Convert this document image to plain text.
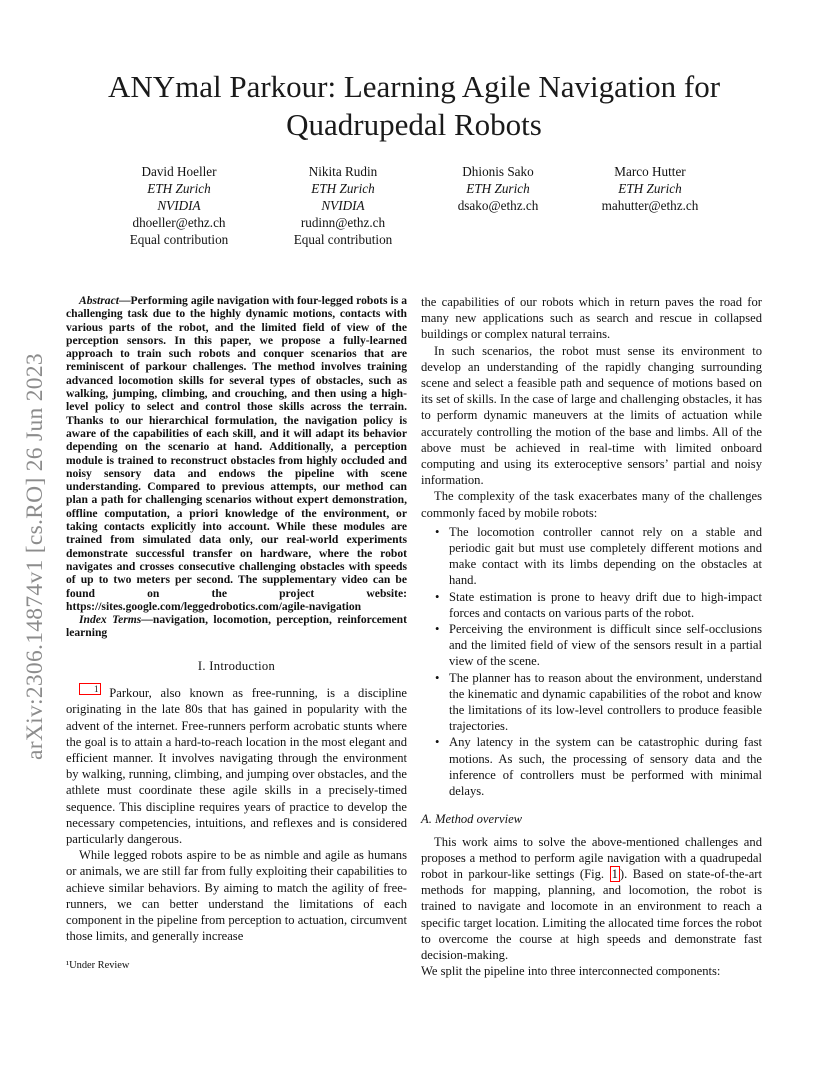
arXiv:2306.14874v1 [cs.RO] 26 Jun 2023
ANYmal Parkour: Learning Agile Navigation for
Quadrupedal Robots
David Hoeller
ETH Zurich
NVIDIA
dhoeller@ethz.ch
Equal contribution
Nikita Rudin
ETH Zurich
NVIDIA
rudinn@ethz.ch
Equal contribution
Dhionis Sako
ETH Zurich
dsako@ethz.ch
Marco Hutter
ETH Zurich
mahutter@ethz.ch

Abstract—Performing agile navigation with four-legged robots is a challenging task due to the highly dynamic motions, contacts with various parts of the robot, and the limited field of view of the perception sensors. In this paper, we propose a fully-learned approach to train such robots and conquer scenarios that are reminiscent of parkour challenges. The method involves training advanced locomotion skills for several types of obstacles, such as walking, jumping, climbing, and crouching, and then using a high-level policy to select and control those skills across the terrain. Thanks to our hierarchical formulation, the navigation policy is aware of the capabilities of each skill, and it will adapt its behavior depending on the scenario at hand. Additionally, a perception module is trained to reconstruct obstacles from highly occluded and noisy sensory data and endows the pipeline with scene understanding. Compared to previous attempts, our method can plan a path for challenging scenarios without expert demonstration, offline computation, a priori knowledge of the environment, or taking contacts explicitly into account. While these modules are trained from simulated data only, our real-world experiments demonstrate successful transfer on hardware, where the robot navigates and crosses consecutive challenging obstacles with speeds of up to two meters per second. The supplementary video can be found on the project website: https://sites.google.com/leggedrobotics.com/agile-navigation

Index Terms—navigation, locomotion, perception, reinforcement learning

I. Introduction

1 Parkour, also known as free-running, is a discipline originating in the late 80s that has gained in popularity with the advent of the internet. Free-runners perform acrobatic stunts where the goal is to attain a hard-to-reach location in the most elegant and efficient manner. It involves navigating through the environment by walking, running, climbing, and jumping over obstacles, and the athlete must coordinate these agile skills in a precisely-timed sequence. This discipline requires years of practice to develop the necessary competencies, intuitions, and reflexes and is considered particularly dangerous.

While legged robots aspire to be as nimble and agile as humans or animals, we are still far from fully exploiting their capabilities to achieve similar behaviors. By aiming to match the agility of free-runners, we can better understand the limitations of each component in the pipeline from perception to actuation, circumvent those limits, and generally increase

¹Under Review

the capabilities of our robots which in return paves the road for many new applications such as search and rescue in collapsed buildings or complex natural terrains.

In such scenarios, the robot must sense its environment to develop an understanding of the rapidly changing surrounding scene and select a feasible path and sequence of motions based on its set of skills. In the case of large and challenging obstacles, it has to perform dynamic maneuvers at the limits of actuation while accurately controlling the motion of the base and limbs. All of the above must be achieved in real-time with limited onboard computing and using its exteroceptive sensors’ partial and noisy information.

The complexity of the task exacerbates many of the challenges commonly faced by mobile robots:

• The locomotion controller cannot rely on a stable and periodic gait but must use completely different motions and make contact with its limbs depending on the obstacles at hand.
• State estimation is prone to heavy drift due to high-impact forces and contacts on various parts of the robot.
• Perceiving the environment is difficult since self-occlusions and the limited field of view of the sensors result in a partial view of the scene.
• The planner has to reason about the environment, understand the kinematic and dynamic capabilities of the robot and know the limitations of its low-level controllers to produce feasible trajectories.
• Any latency in the system can be catastrophic during fast motions. As such, the processing of sensory data and the inference of controllers must be performed with minimal delays.
A. Method overview

This work aims to solve the above-mentioned challenges and proposes a method to perform agile navigation with a quadrupedal robot in parkour-like settings (Fig. 1 ). Based on state-of-the-art methods for mapping, planning, and locomotion, the robot is trained to navigate and locomote in an environment to reach a specific target location. Limiting the allocated time forces the robot to overcome the course at high speeds and demonstrate fast decision-making.

We split the pipeline into three interconnected components:
